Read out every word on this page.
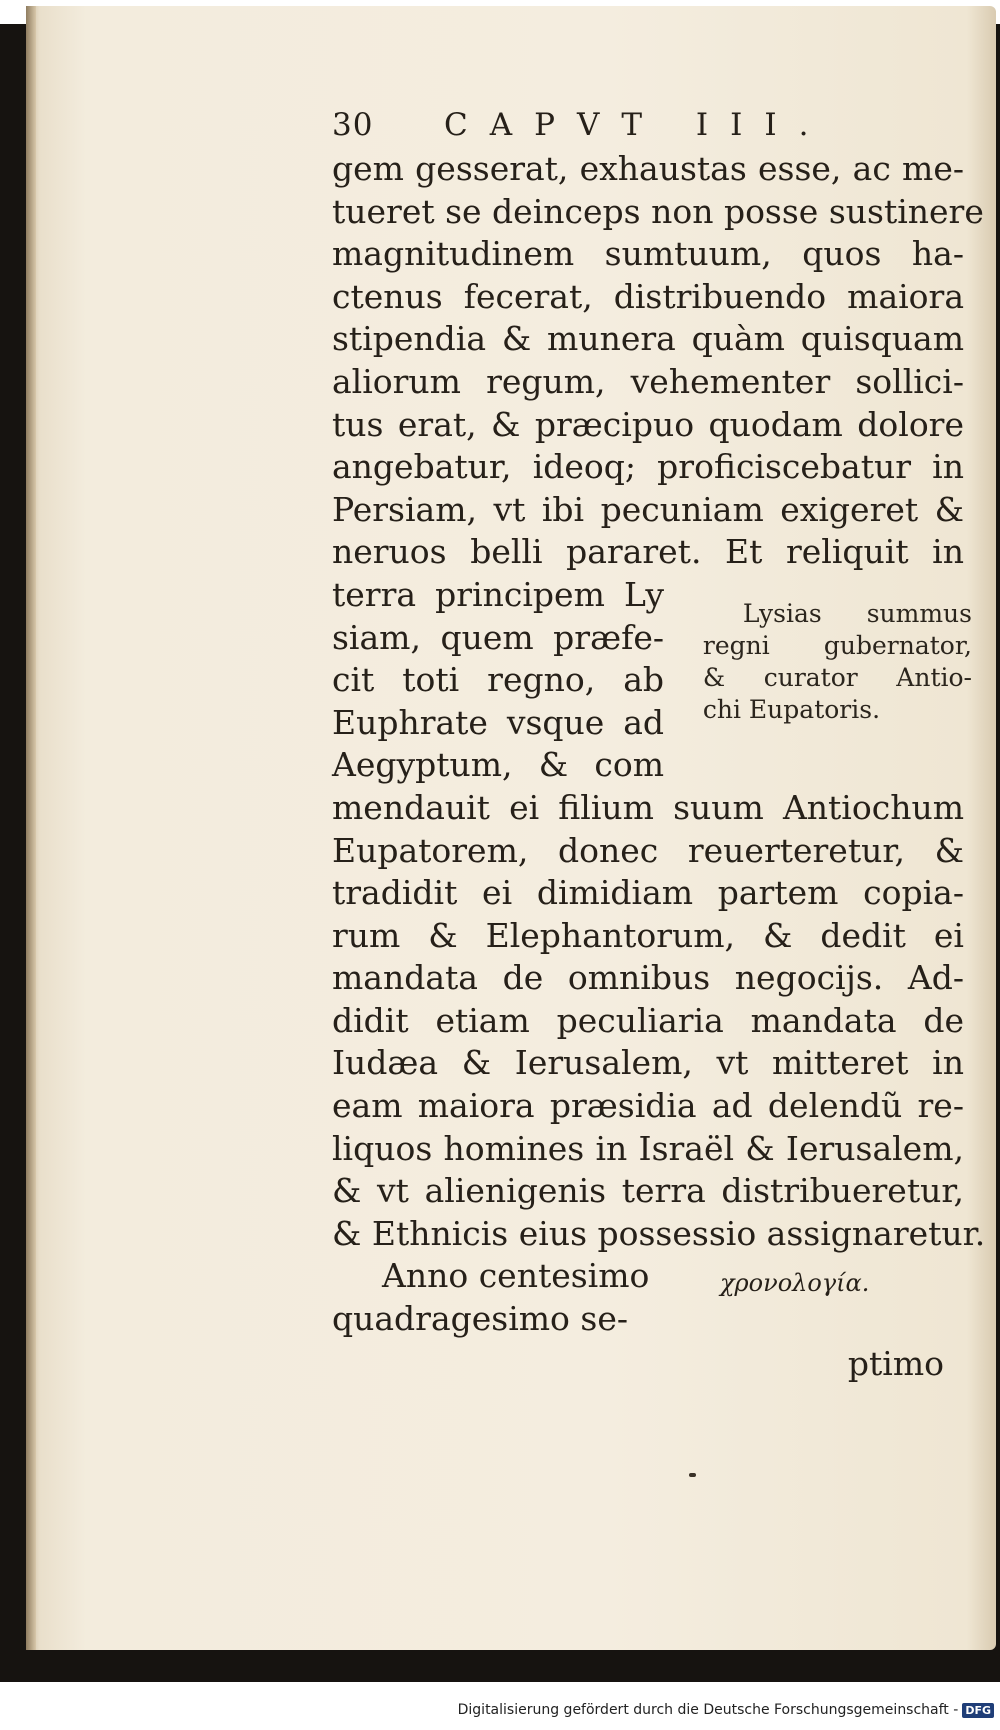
30	CAPVT III.
gem gesserat, exhaustas esse, ac me-
tueret se deinceps non posse sustinere
magnitudinem sumtuum, quos ha-
ctenus fecerat, distribuendo maiora
stipendia & munera quàm quisquam
aliorum regum, vehementer sollici-
tus erat, & præcipuo quodam dolore
angebatur, ideoq; proficiscebatur in
Persiam, vt ibi pecuniam exigeret &
neruos belli pararet. Et reliquit in
terra principem Ly
siam, quem præfe-
cit toti regno, ab
Euphrate vsque ad
Aegyptum, & com
Lysias summus
regni gubernator,
& curator Antio-
chi Eupatoris.
mendauit ei filium suum Antiochum
Eupatorem, donec reuerteretur, &
tradidit ei dimidiam partem copia-
rum & Elephantorum, & dedit ei
mandata de omnibus negocijs. Ad-
didit etiam peculiaria mandata de
Iudæa & Ierusalem, vt mitteret in
eam maiora præsidia ad delendũ re-
liquos homines in Israël & Ierusalem,
& vt alienigenis terra distribueretur,
& Ethnicis eius possessio assignaretur.
Anno centesimo
quadragesimo se-
χρονολογία.
ptimo
Digitalisierung gefördert durch die Deutsche Forschungsgemeinschaft - DFG
